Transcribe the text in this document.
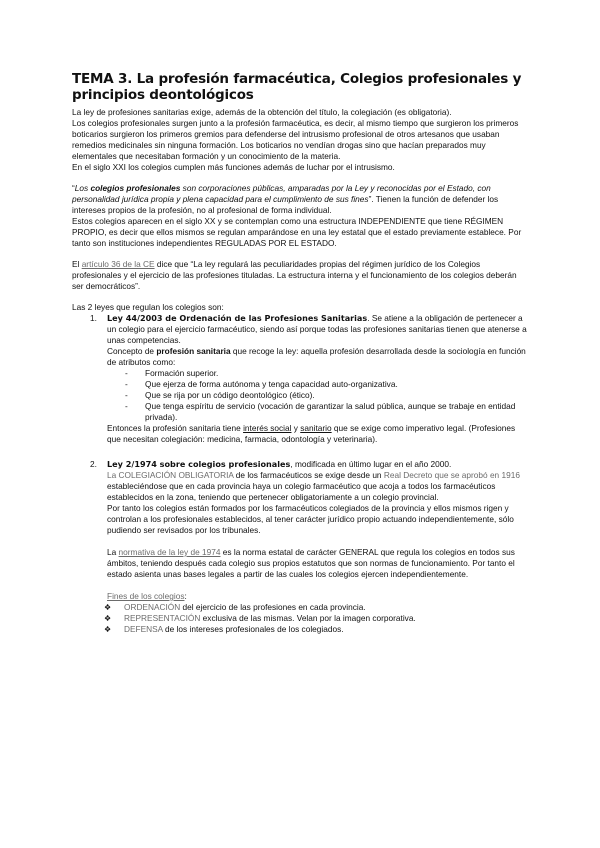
TEMA 3. La profesión farmacéutica, Colegios profesionales y principios deontológicos

La ley de profesiones sanitarias exige, además de la obtención del título, la colegiación (es obligatoria).

Los colegios profesionales surgen junto a la profesión farmacéutica, es decir, al mismo tiempo que surgieron los primeros boticarios surgieron los primeros gremios para defenderse del intrusismo profesional de otros artesanos que usaban remedios medicinales sin ninguna formación. Los boticarios no vendían drogas sino que hacían preparados muy elementales que necesitaban formación y un conocimiento de la materia.

En el siglo XXI los colegios cumplen más funciones además de luchar por el intrusismo.

“Los colegios profesionales son corporaciones públicas, amparadas por la Ley y reconocidas por el Estado, con personalidad jurídica propia y plena capacidad para el cumplimiento de sus fines”. Tienen la función de defender los intereses propios de la profesión, no al profesional de forma individual.

Estos colegios aparecen en el siglo XX y se contemplan como una estructura INDEPENDIENTE que tiene RÉGIMEN PROPIO, es decir que ellos mismos se regulan amparándose en una ley estatal que el estado previamente establece. Por tanto son instituciones independientes REGULADAS POR EL ESTADO.

El artículo 36 de la CE dice que “La ley regulará las peculiaridades propias del régimen jurídico de los Colegios profesionales y el ejercicio de las profesiones tituladas. La estructura interna y el funcionamiento de los colegios deberán ser democráticos”.

Las 2 leyes que regulan los colegios son:

1. Ley 44/2003 de Ordenación de las Profesiones Sanitarias. Se atiene a la obligación de pertenecer a un colegio para el ejercicio farmacéutico, siendo así porque todas las profesiones sanitarias tienen que atenerse a unas competencias.
Concepto de profesión sanitaria que recoge la ley: aquella profesión desarrollada desde la sociología en función de atributos como:
- Formación superior.
- Que ejerza de forma autónoma y tenga capacidad auto-organizativa.
- Que se rija por un código deontológico (ético).
- Que tenga espíritu de servicio (vocación de garantizar la salud pública, aunque se trabaje en entidad privada).
Entonces la profesión sanitaria tiene interés social y sanitario que se exige como imperativo legal. (Profesiones que necesitan colegiación: medicina, farmacia, odontología y veterinaria).
2. Ley 2/1974 sobre colegios profesionales, modificada en último lugar en el año 2000.
La COLEGIACIÓN OBLIGATORIA de los farmacéuticos se exige desde un Real Decreto que se aprobó en 1916 estableciéndose que en cada provincia haya un colegio farmacéutico que acoja a todos los farmacéuticos establecidos en la zona, teniendo que pertenecer obligatoriamente a un colegio provincial.
Por tanto los colegios están formados por los farmacéuticos colegiados de la provincia y ellos mismos rigen y controlan a los profesionales establecidos, al tener carácter jurídico propio actuando independientemente, sólo pudiendo ser revisados por los tribunales.
La normativa de la ley de 1974 es la norma estatal de carácter GENERAL que regula los colegios en todos sus ámbitos, teniendo después cada colegio sus propios estatutos que son normas de funcionamiento. Por tanto el estado asienta unas bases legales a partir de las cuales los colegios ejercen independientemente.
Fines de los colegios:
❖ ORDENACIÓN del ejercicio de las profesiones en cada provincia.
❖ REPRESENTACIÓN exclusiva de las mismas. Velan por la imagen corporativa.
❖ DEFENSA de los intereses profesionales de los colegiados.
